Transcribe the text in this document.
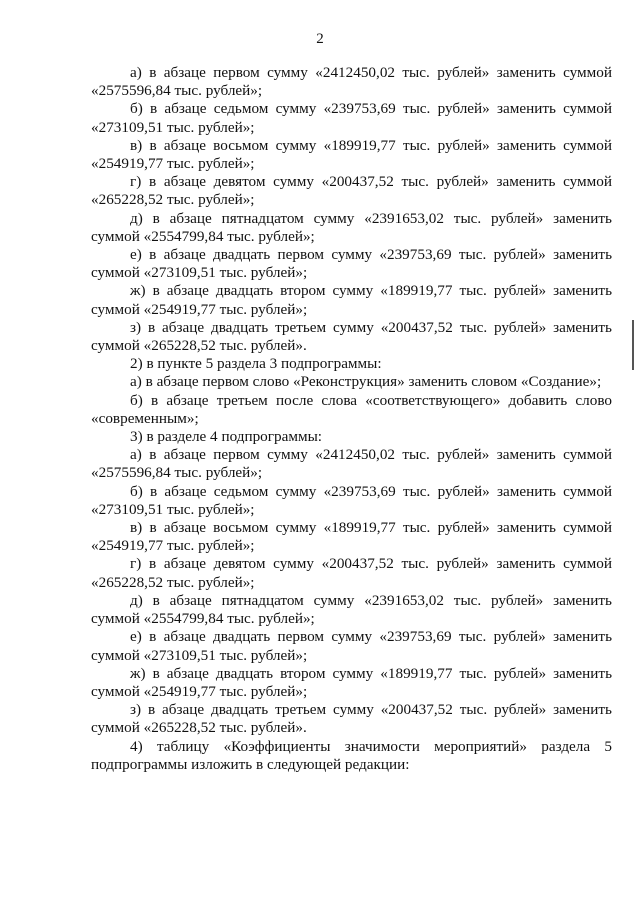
2

а) в абзаце первом сумму «2412450,02 тыс. рублей» заменить суммой «2575596,84 тыс. рублей»;

б) в абзаце седьмом сумму «239753,69 тыс. рублей» заменить суммой «273109,51 тыс. рублей»;

в) в абзаце восьмом сумму «189919,77 тыс. рублей» заменить суммой «254919,77 тыс. рублей»;

г) в абзаце девятом сумму «200437,52 тыс. рублей» заменить суммой «265228,52 тыс. рублей»;

д) в абзаце пятнадцатом сумму «2391653,02 тыс. рублей» заменить суммой «2554799,84 тыс. рублей»;

е) в абзаце двадцать первом сумму «239753,69 тыс. рублей» заменить суммой «273109,51 тыс. рублей»;

ж) в абзаце двадцать втором сумму «189919,77 тыс. рублей» заменить суммой «254919,77 тыс. рублей»;

з) в абзаце двадцать третьем сумму «200437,52 тыс. рублей» заменить суммой «265228,52 тыс. рублей».

2) в пункте 5 раздела 3 подпрограммы:

а) в абзаце первом слово «Реконструкция» заменить словом «Создание»;

б) в абзаце третьем после слова «соответствующего» добавить слово «современным»;

3) в разделе 4 подпрограммы:

а) в абзаце первом сумму «2412450,02 тыс. рублей» заменить суммой «2575596,84 тыс. рублей»;

б) в абзаце седьмом сумму «239753,69 тыс. рублей» заменить суммой «273109,51 тыс. рублей»;

в) в абзаце восьмом сумму «189919,77 тыс. рублей» заменить суммой «254919,77 тыс. рублей»;

г) в абзаце девятом сумму «200437,52 тыс. рублей» заменить суммой «265228,52 тыс. рублей»;

д) в абзаце пятнадцатом сумму «2391653,02 тыс. рублей» заменить суммой «2554799,84 тыс. рублей»;

е) в абзаце двадцать первом сумму «239753,69 тыс. рублей» заменить суммой «273109,51 тыс. рублей»;

ж) в абзаце двадцать втором сумму «189919,77 тыс. рублей» заменить суммой «254919,77 тыс. рублей»;

з) в абзаце двадцать третьем сумму «200437,52 тыс. рублей» заменить суммой «265228,52 тыс. рублей».

4) таблицу «Коэффициенты значимости мероприятий» раздела 5 подпрограммы изложить в следующей редакции:
